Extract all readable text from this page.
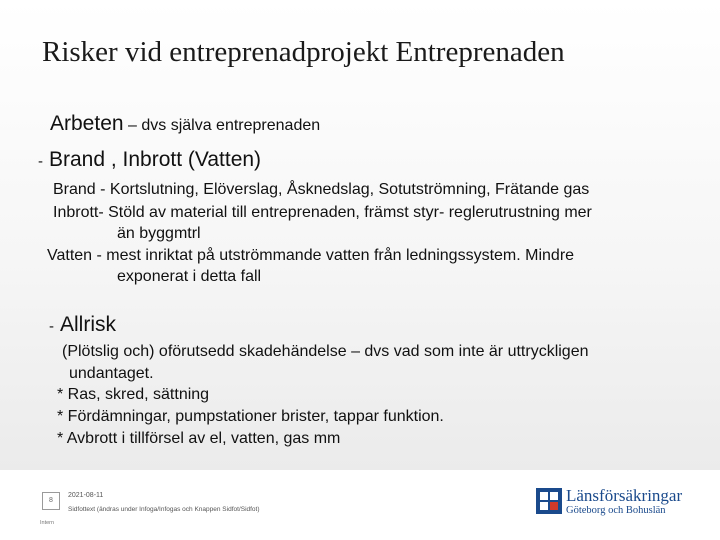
Risker vid entreprenadprojekt Entreprenaden
Arbeten – dvs själva entreprenaden
- Brand , Inbrott (Vatten)
Brand - Kortslutning, Elöverslag, Åsknedslag, Sotutströmning, Frätande gas
Inbrott- Stöld av material till entreprenaden, främst styr- reglerutrustning mer
än byggmtrl
Vatten - mest inriktat på utströmmande vatten från ledningssystem. Mindre
exponerat i detta fall
- Allrisk
(Plötslig och) oförutsedd skadehändelse – dvs vad som inte är uttryckligen
undantaget.
* Ras, skred, sättning
* Fördämningar, pumpstationer brister, tappar funktion.
* Avbrott i tillförsel av el, vatten, gas mm
8
2021-08-11
Sidfottext (ändras under Infoga/Infogas och Knappen Sidfot/Sidfot)
Intern
Länsförsäkringar
Göteborg och Bohuslän
